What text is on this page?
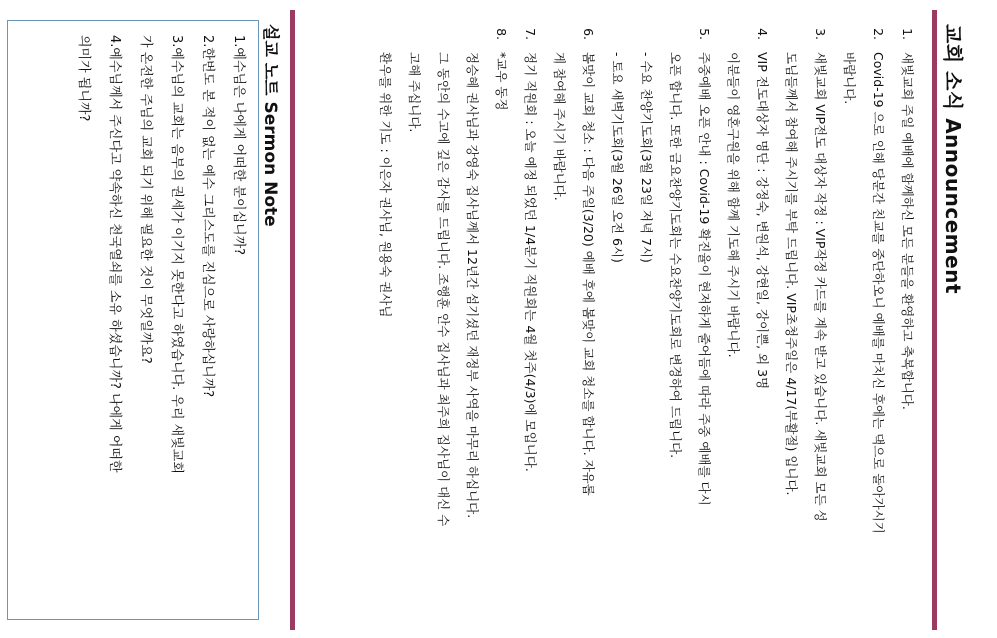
교회 소식 Announcement
1.
새빛교회 주일 예배에 함께하신 모든 분들을 환영하고 축복합니다.
2.
Covid-19 으로 인해 당분간 친교를 중단하오니 예배를 마치신 후에는 댁으로 돌아가시기
바랍니다.
3.
새빛교회 VIP전도 대상자 작정 : VIP작정 카드를 계속 받고 있습니다. 새빛교회 모든 성
도님들께서 참여해 주시기를 부탁 드립니다. VIP초청주일은 4/17(부활절) 입니다.
4.
VIP 전도대상자 명단 : 강정숙, 변원석, 강현일, 강이쁜, 외 3명
이분들이 영혼구원을 위해 함께 기도해 주시기 바랍니다.
5.
주중예배 오픈 안내 : Covid-19 확진율이 현저하게 줄어듬에 따라 주중 예배를 다시
오픈 합니다. 또한 금요찬양기도회는 수요찬양기도회로 변경하여 드립니다.
- 수요 찬양기도회(3월 23일 저녁 7시)
- 토요 새벽기도회(3월 26일 오전 6시)
6.
봄맞이 교회 청소 : 다음 주일(3/20) 예배 후에 봄맞이 교회 청소를 합니다. 자유롭
게 참여해 주시기 바랍니다.
7.
정기 직원회 : 오늘 예정 되었던 1/4분기 직원회는 4월 첫주(4/3)에 모입니다.
8.
*교우 동정
정승혜 권사님과 강영숙 집사님께서 12년간 섬기셨던 재정부 사역을 마무리 하십니다.
그 동안의 수고에 깊은 감사를 드립니다. 조행훈 안수 집사님과 최주희 집사님이 대신 수
고해 주십니다.
환우를 위한 기도 : 이은자 권사님, 원용숙 권사님
설교 노트 Sermon Note

1.예수님은 나에게 어떠한 분이십니까?

2.한번도 본 적이 없는 예수 그리스도를 진심으로 사랑하십니까?

3.예수님의 교회는 음부의 권세가 이기지 못한다고 하였습니다. 우리 새빛교회

가 온전한 주님의 교회 되기 위해 필요한 것이 무엇일까요?

4.예수님께서 주신다고 약속하신 천국열쇠를 소유 하셨습니까? 나에게 어떠한

의미가 됩니까?
